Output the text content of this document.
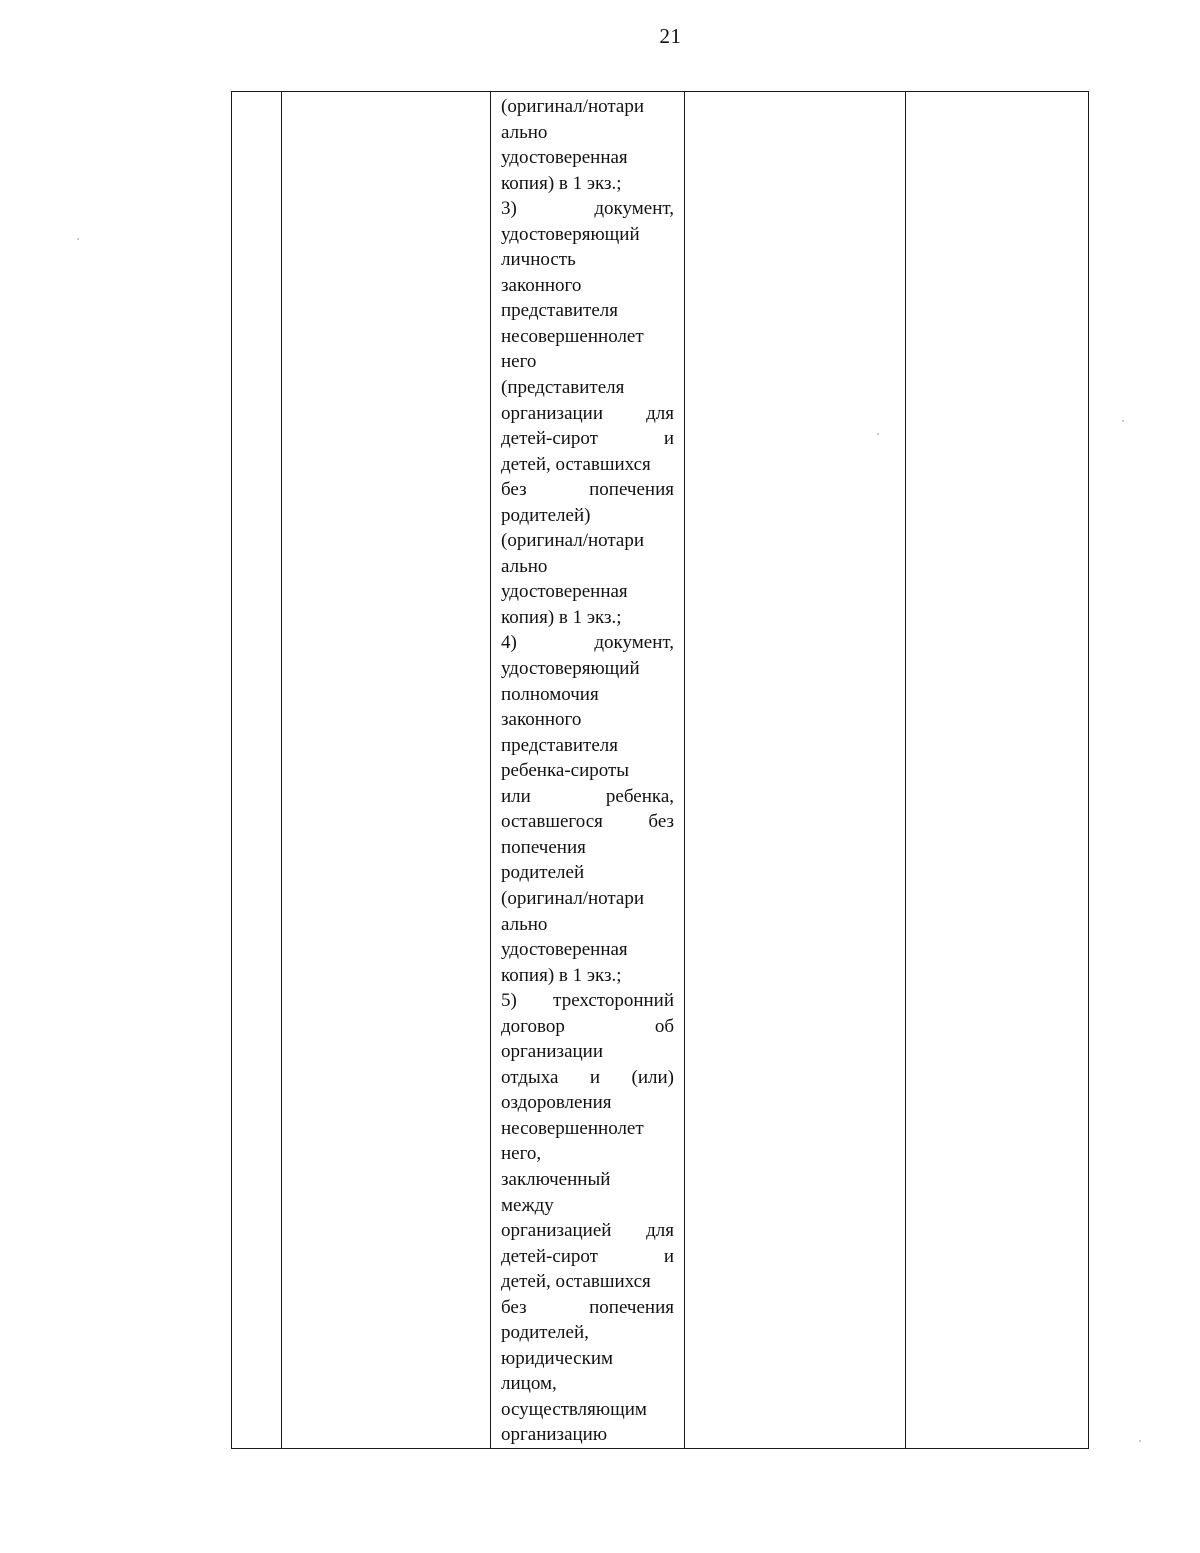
21

(оригинал/нотари
ально
удостоверенная
копия) в 1 экз.;
3)	документ,
удостоверяющий
личность
законного
представителя
несовершеннолет
него
(представителя
организации для
детей-сирот	и
детей, оставшихся
без	попечения
родителей)
(оригинал/нотари
ально
удостоверенная
копия) в 1 экз.;
4)	документ,
удостоверяющий
полномочия
законного
представителя
ребенка-сироты
или	ребенка,
оставшегося без
попечения
родителей
(оригинал/нотари
ально
удостоверенная
копия) в 1 экз.;
5) трехсторонний
договор	об
организации
отдыха и (или)
оздоровления
несовершеннолет
него,
заключенный
между
организацией для
детей-сирот	и
детей, оставшихся
без	попечения
родителей,
юридическим
лицом,
осуществляющим
организацию
